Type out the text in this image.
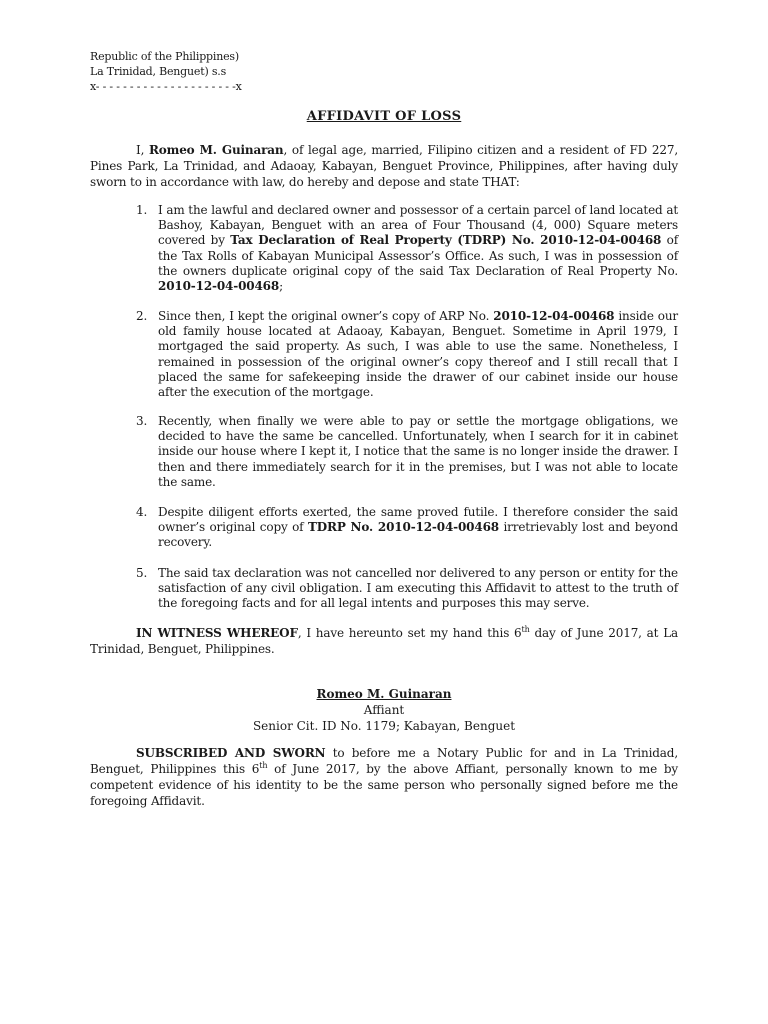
Republic of the Philippines)
La Trinidad, Benguet) s.s
x- - - - - - - - - - - - - - - - - - - - -x
AFFIDAVIT OF LOSS
I, Romeo M. Guinaran, of legal age, married, Filipino citizen and a resident of FD 227, Pines Park, La Trinidad, and Adaoay, Kabayan, Benguet Province, Philippines, after having duly sworn to in accordance with law, do hereby and depose and state THAT:
1. I am the lawful and declared owner and possessor of a certain parcel of land located at Bashoy, Kabayan, Benguet with an area of Four Thousand (4, 000) Square meters covered by Tax Declaration of Real Property (TDRP) No. 2010-12-04-00468 of the Tax Rolls of Kabayan Municipal Assessor’s Office. As such, I was in possession of the owners duplicate original copy of the said Tax Declaration of Real Property No. 2010-12-04-00468;
2. Since then, I kept the original owner’s copy of ARP No. 2010-12-04-00468 inside our old family house located at Adaoay, Kabayan, Benguet. Sometime in April 1979, I mortgaged the said property. As such, I was able to use the same. Nonetheless, I remained in possession of the original owner’s copy thereof and I still recall that I placed the same for safekeeping inside the drawer of our cabinet inside our house after the execution of the mortgage.
3. Recently, when finally we were able to pay or settle the mortgage obligations, we decided to have the same be cancelled. Unfortunately, when I search for it in cabinet inside our house where I kept it, I notice that the same is no longer inside the drawer. I then and there immediately search for it in the premises, but I was not able to locate the same.
4. Despite diligent efforts exerted, the same proved futile. I therefore consider the said owner’s original copy of TDRP No. 2010-12-04-00468 irretrievably lost and beyond recovery.
5. The said tax declaration was not cancelled nor delivered to any person or entity for the satisfaction of any civil obligation. I am executing this Affidavit to attest to the truth of the foregoing facts and for all legal intents and purposes this may serve.
IN WITNESS WHEREOF, I have hereunto set my hand this 6th day of June 2017, at La Trinidad, Benguet, Philippines.
Romeo M. Guinaran
Affiant
Senior Cit. ID No. 1179; Kabayan, Benguet
SUBSCRIBED AND SWORN to before me a Notary Public for and in La Trinidad, Benguet, Philippines this 6th of June 2017, by the above Affiant, personally known to me by competent evidence of his identity to be the same person who personally signed before me the foregoing Affidavit.
